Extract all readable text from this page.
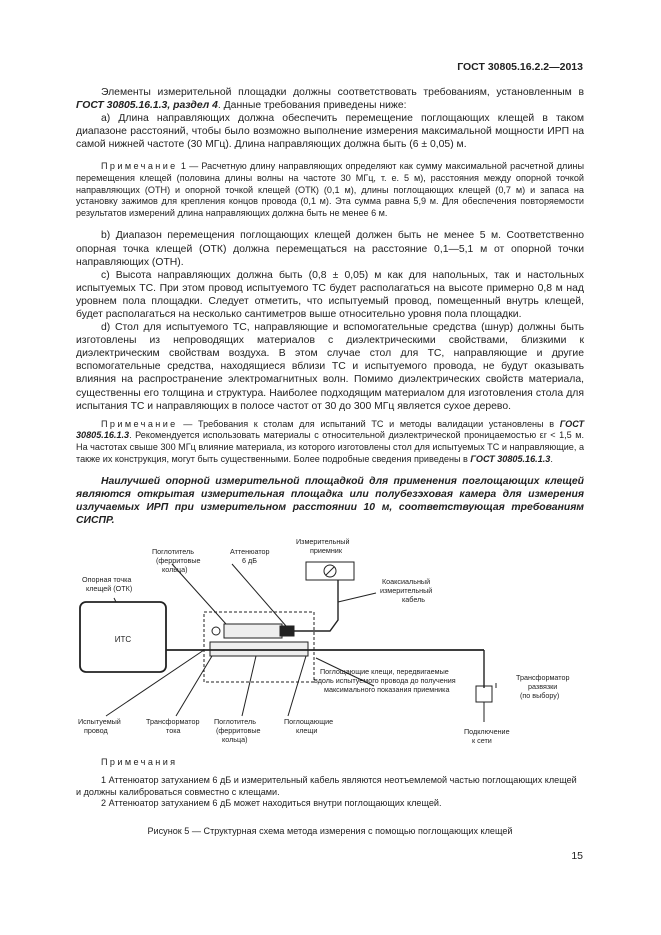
ГОСТ 30805.16.2.2—2013

Элементы измерительной площадки должны соответствовать требованиям, установленным в ГОСТ 30805.16.1.3, раздел 4. Данные требования приведены ниже:

а) Длина направляющих должна обеспечить перемещение поглощающих клещей в таком диапазоне расстояний, чтобы было возможно выполнение измерения максимальной мощности ИРП на самой нижней частоте (30 МГц). Длина направляющих должна быть (6 ± 0,05) м.

Примечание 1 — Расчетную длину направляющих определяют как сумму максимальной расчетной длины перемещения клещей (половина длины волны на частоте 30 МГц, т. е. 5 м), расстояния между опорной точкой направляющих (ОТН) и опорной точкой клещей (ОТК) (0,1 м), длины поглощающих клещей (0,7 м) и запаса на установку зажимов для крепления концов провода (0,1 м). Эта сумма равна 5,9 м. Для обеспечения повторяемости результатов измерений длина направляющих должна быть не менее 6 м.

b) Диапазон перемещения поглощающих клещей должен быть не менее 5 м. Соответственно опорная точка клещей (ОТК) должна перемещаться на расстояние 0,1—5,1 м от опорной точки направляющих (ОТН).

с) Высота направляющих должна быть (0,8 ± 0,05) м как для напольных, так и настольных испытуемых ТС. При этом провод испытуемого ТС будет располагаться на высоте примерно 0,8 м над уровнем пола площадки. Следует отметить, что испытуемый провод, помещенный внутрь клещей, будет располагаться на несколько сантиметров выше относительно уровня пола площадки.

d) Стол для испытуемого ТС, направляющие и вспомогательные средства (шнур) должны быть изготовлены из непроводящих материалов с диэлектрическими свойствами, близкими к диэлектрическим свойствам воздуха. В этом случае стол для ТС, направляющие и другие вспомогательные средства, находящиеся вблизи ТС и испытуемого провода, не будут оказывать влияния на распространение электромагнитных волн. Помимо диэлектрических свойств материала, существенны его толщина и структура. Наиболее подходящим материалом для изготовления стола для испытания ТС и направляющих в полосе частот от 30 до 300 МГц является сухое дерево.

Примечание — Требования к столам для испытаний ТС и методы валидации установлены в ГОСТ 30805.16.1.3. Рекомендуется использовать материалы с относительной диэлектрической проницаемостью εr < 1,5 м. На частотах свыше 300 МГц влияние материала, из которого изготовлены стол для испытуемых ТС и направляющие, а также их конструкция, могут быть существенными. Более подробные сведения приведены в ГОСТ 30805.16.1.3.

Наилучшей опорной измерительной площадкой для применения поглощающих клещей являются открытая измерительная площадка или полубезэховая камера для измерения излучаемых ИРП при измерительном расстоянии 10 м, соответствующая требованиям СИСПР.

ИТС
Опорная точка клещей (ОТК)
Поглотитель (ферритовые кольца)
Аттенюатор 6 дБ
Измерительный приемник
Коаксиальный измерительный кабель
Поглощающие клещи, передвигаемые вдоль испытуемого провода до получения максимального показания приемника
Трансформатор развязки (по выбору)
Подключение к сети
Испытуемый провод
Трансформатор тока
Поглотитель (ферритовые кольца)
Поглощающие клещи

Примечания

1 Аттенюатор затуханием 6 дБ и измерительный кабель являются неотъемлемой частью поглощающих клещей и должны калиброваться совместно с клещами.

2 Аттенюатор затуханием 6 дБ может находиться внутри поглощающих клещей.

Рисунок 5 — Структурная схема метода измерения с помощью поглощающих клещей
15
